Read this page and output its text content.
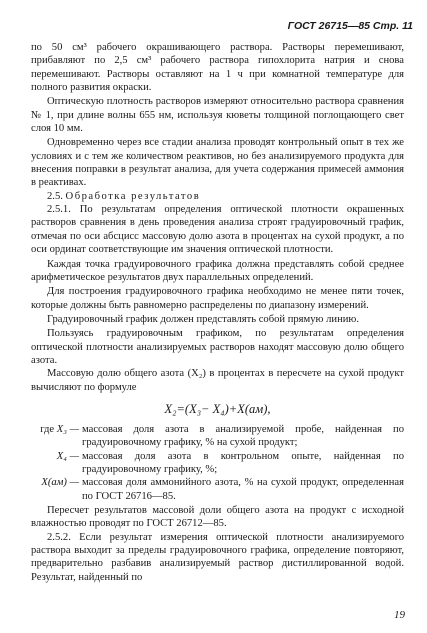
ГОСТ 26715—85 Стр. 11

по 50 см³ рабочего окрашивающего раствора. Растворы перемешивают, прибавляют по 2,5 см³ рабочего раствора гипохлорита натрия и снова перемешивают. Растворы оставляют на 1 ч при комнатной температуре для полного развития окраски.

Оптическую плотность растворов измеряют относительно раствора сравнения № 1, при длине волны 655 нм, используя кюветы толщиной поглощающего свет слоя 10 мм.

Одновременно через все стадии анализа проводят контрольный опыт в тех же условиях и с тем же количеством реактивов, но без анализируемого продукта для внесения поправки в результат анализа, для учета содержания примесей аммония в реактивах.

2.5. Обработка результатов

2.5.1. По результатам определения оптической плотности окрашенных растворов сравнения в день проведения анализа строят градуировочный график, отмечая по оси абсцисс массовую долю азота в процентах на сухой продукт, а по оси ординат соответствующие им значения оптической плотности.

Каждая точка градуировочного графика должна представлять собой среднее арифметическое результатов двух параллельных определений.

Для построения градуировочного графика необходимо не менее пяти точек, которые должны быть равномерно распределены по диапазону измерений.

Градуировочный график должен представлять собой прямую линию.

Пользуясь градуировочным графиком, по результатам определения оптической плотности анализируемых растворов находят массовую долю общего азота.

Массовую долю общего азота (X₂) в процентах в пересчете на сухой продукт вычисляют по формуле

X₂=(X₃− X₄)+X(ам),
где X₃ — массовая доля азота в анализируемой пробе, найденная по градуировочному графику, % на сухой продукт;
X₄ — массовая доля азота в контрольном опыте, найденная по градуировочному графику, %;
X(ам) — массовая доля аммонийного азота, % на сухой продукт, определенная по ГОСТ 26716—85.

Пересчет результатов массовой доли общего азота на продукт с исходной влажностью проводят по ГОСТ 26712—85.

2.5.2. Если результат измерения оптической плотности анализируемого раствора выходит за пределы градуировочного графика, определение повторяют, предварительно разбавив анализируемый раствор дистиллированной водой. Результат, найденный по

19
